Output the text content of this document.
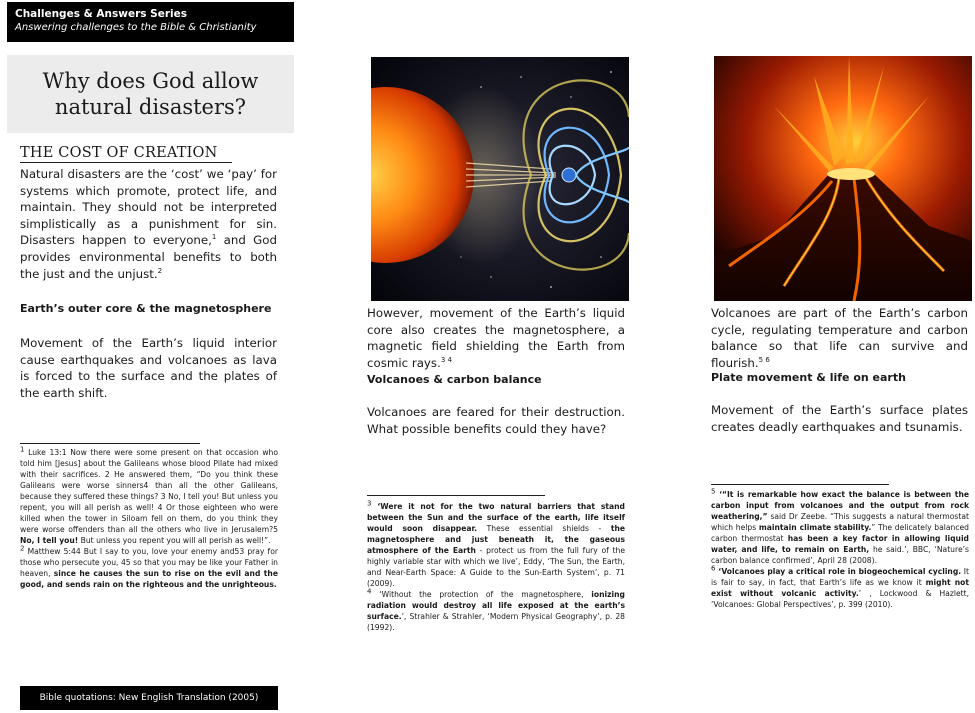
Challenges & Answers Series
Answering challenges to the Bible & Christianity
Why does God allow natural disasters?
THE COST OF CREATION
Natural disasters are the ‘cost’ we ‘pay’ for systems which promote, protect life, and maintain. They should not be interpreted simplistically as a punishment for sin. Disasters happen to everyone,$^1$ and God provides environmental benefits to both the just and the unjust.$^2$
Earth’s outer core & the magnetosphere
Movement of the Earth’s liquid interior cause earthquakes and volcanoes as lava is forced to the surface and the plates of the earth shift.
$^1$ Luke 13:1 Now there were some present on that occasion who told him [Jesus] about the Galileans whose blood Pilate had mixed with their sacrifices. 2 He answered them, “Do you think these Galileans were worse sinners4 than all the other Galileans, because they suffered these things? 3 No, I tell you! But unless you repent, you will all perish as well! 4 Or those eighteen who were killed when the tower in Siloam fell on them, do you think they were worse offenders than all the others who live in Jerusalem?5 No, I tell you! But unless you repent you will all perish as well!”.
$^2$ Matthew 5:44 But I say to you, love your enemy and53 pray for those who persecute you, 45 so that you may be like your Father in heaven, since he causes the sun to rise on the evil and the good, and sends rain on the righteous and the unrighteous.
Bible quotations: New English Translation (2005)
However, movement of the Earth’s liquid core also creates the magnetosphere, a magnetic field shielding the Earth from cosmic rays.$^{3 4}$
Volcanoes & carbon balance
Volcanoes are feared for their destruction. What possible benefits could they have?
$^3$ ‘Were it not for the two natural barriers that stand between the Sun and the surface of the earth, life itself would soon disappear. These essential shields - the magnetosphere and just beneath it, the gaseous atmosphere of the Earth - protect us from the full fury of the highly variable star with which we live’, Eddy, ‘The Sun, the Earth, and Near-Earth Space: A Guide to the Sun-Earth System’, p. 71 (2009).
$^4$ ‘Without the protection of the magnetosphere, ionizing radiation would destroy all life exposed at the earth’s surface.’, Strahler & Strahler, ‘Modern Physical Geography’, p. 28 (1992).
Volcanoes are part of the Earth’s carbon cycle, regulating temperature and carbon balance so that life can survive and flourish.$^{5 6}$
Plate movement & life on earth
Movement of the Earth’s surface plates creates deadly earthquakes and tsunamis.
$^5$ ‘“It is remarkable how exact the balance is between the carbon input from volcanoes and the output from rock weathering,” said Dr Zeebe. “This suggests a natural thermostat which helps maintain climate stability.” The delicately balanced carbon thermostat has been a key factor in allowing liquid water, and life, to remain on Earth, he said.’, BBC, ‘Nature’s carbon balance confirmed’, April 28 (2008).
$^6$ ‘Volcanoes play a critical role in biogeochemical cycling. It is fair to say, in fact, that Earth’s life as we know it might not exist without volcanic activity.’ , Lockwood & Hazlett, ‘Volcanoes: Global Perspectives’, p. 399 (2010).
